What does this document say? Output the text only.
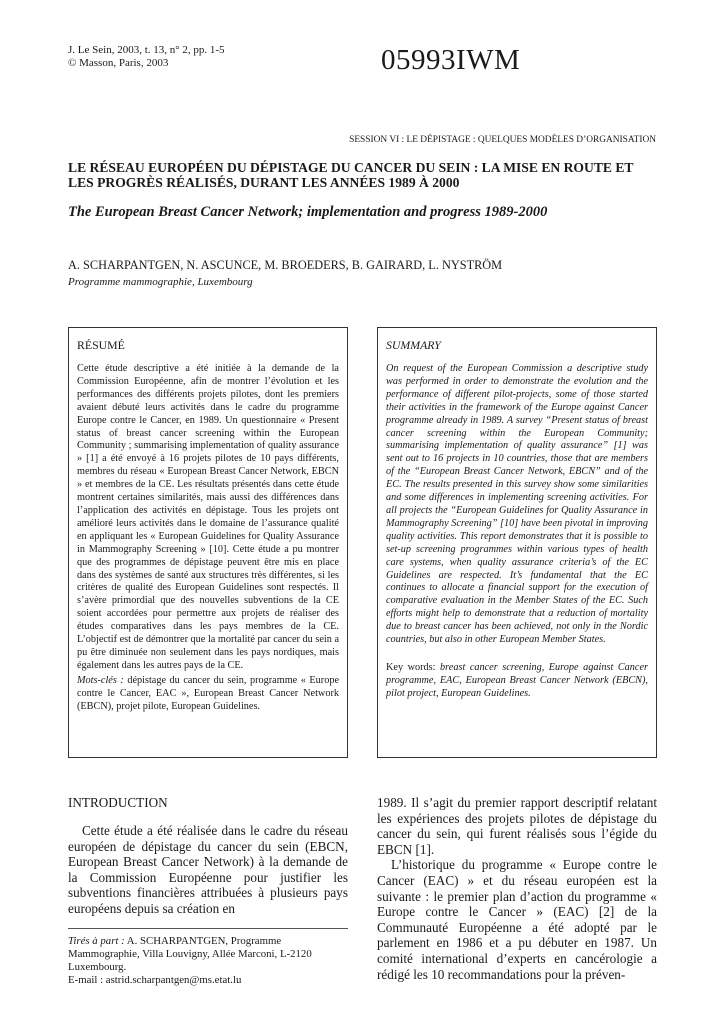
J. Le Sein, 2003, t. 13, n° 2, pp. 1-5
© Masson, Paris, 2003	05993IWM
SESSION VI : LE DÉPISTAGE : QUELQUES MODÈLES D’ORGANISATION
LE RÉSEAU EUROPÉEN DU DÉPISTAGE DU CANCER DU SEIN : LA MISE EN ROUTE ET LES PROGRÈS RÉALISÉS, DURANT LES ANNÉES 1989 À 2000
The European Breast Cancer Network; implementation and progress 1989-2000
A. SCHARPANTGEN, N. ASCUNCE, M. BROEDERS, B. GAIRARD, L. NYSTRÖM
Programme mammographie, Luxembourg
RÉSUMÉ

Cette étude descriptive a été initiée à la demande de la Commission Européenne, afin de montrer l’évolution et les performances des différents projets pilotes, dont les premiers avaient débuté leurs activités dans le cadre du programme Europe contre le Cancer, en 1989. Un questionnaire « Present status of breast cancer screening within the European Community ; summarising implementation of quality assurance » [1] a été envoyé à 16 projets pilotes de 10 pays différents, membres du réseau « European Breast Cancer Network, EBCN » et membres de la CE. Les résultats présentés dans cette étude montrent certaines similarités, mais aussi des différences dans l’application des activités en dépistage. Tous les projets ont amélioré leurs activités dans le domaine de l’assurance qualité en appliquant les « European Guidelines for Quality Assurance in Mammography Screening » [10]. Cette étude a pu montrer que des programmes de dépistage peuvent être mis en place dans des systèmes de santé aux structures très différentes, si les critères de qualité des European Guidelines sont respectés. Il s’avère primordial que des nouvelles subventions de la CE soient accordées pour permettre aux projets de réaliser des études comparatives dans les pays membres de la CE. L’objectif est de démontrer que la mortalité par cancer du sein a pu être diminuée non seulement dans les pays nordiques, mais également dans les autres pays de la CE.

Mots-clés : dépistage du cancer du sein, programme « Europe contre le Cancer, EAC », European Breast Cancer Network (EBCN), projet pilote, European Guidelines.
SUMMARY

On request of the European Commission a descriptive study was performed in order to demonstrate the evolution and the performance of different pilot-projects, some of those started their activities in the framework of the Europe against Cancer programme already in 1989. A survey “Present status of breast cancer screening within the European Community; summarising implementation of quality assurance” [1] was sent out to 16 projects in 10 countries, those that are members of the “European Breast Cancer Network, EBCN” and of the EC. The results presented in this survey show some similarities and some differences in implementing screening activities. For all projects the “European Guidelines for Quality Assurance in Mammography Screening” [10] have been pivotal in improving quality activities. This report demonstrates that it is possible to set-up screening programmes within various types of health care systems, when quality assurance criteria’s of the EC Guidelines are respected. It’s fundamental that the EC continues to allocate a financial support for the execution of comparative evaluation in the Member States of the EC. Such efforts might help to demonstrate that a reduction of mortality due to breast cancer has been achieved, not only in the Nordic countries, but also in other European Member States.

Key words: breast cancer screening, Europe against Cancer programme, EAC, European Breast Cancer Network (EBCN), pilot project, European Guidelines.
INTRODUCTION

Cette étude a été réalisée dans le cadre du réseau européen de dépistage du cancer du sein (EBCN, European Breast Cancer Network) à la demande de la Commission Européenne pour justifier les subventions financières attribuées à plusieurs pays européens depuis sa création en

1989. Il s’agit du premier rapport descriptif relatant les expériences des projets pilotes de dépistage du cancer du sein, qui furent réalisés sous l’égide du EBCN [1].

L’historique du programme « Europe contre le Cancer (EAC) » et du réseau européen est la suivante : le premier plan d’action du programme « Europe contre le Cancer » (EAC) [2] de la Communauté Européenne a été adopté par le parlement en 1986 et a pu débuter en 1987. Un comité international d’experts en cancérologie a rédigé les 10 recommandations pour la préven-

Tirés à part : A. SCHARPANTGEN, Programme Mammographie, Villa Louvigny, Allée Marconi, L-2120 Luxembourg.
E-mail : astrid.scharpantgen@ms.etat.lu
